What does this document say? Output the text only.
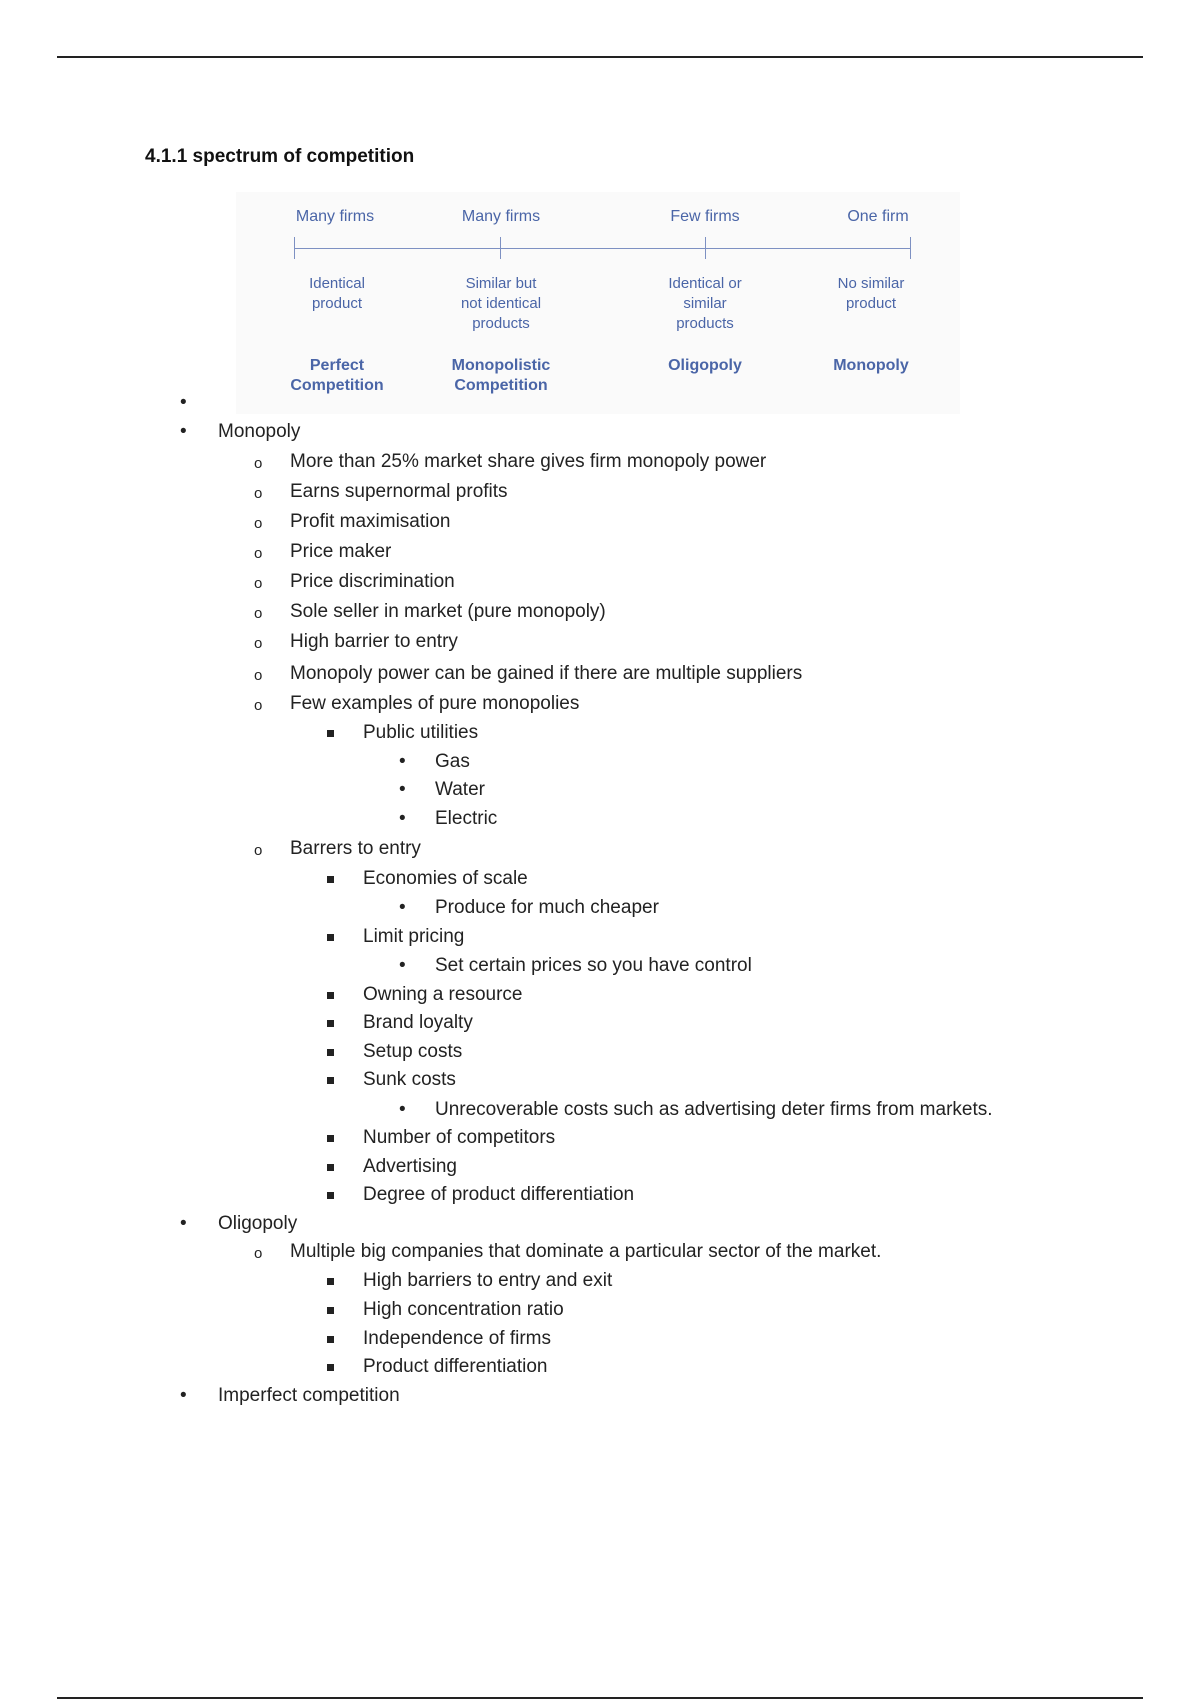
4.1.1 spectrum of competition
Many firms
Identical
product
Perfect
Competition
Many firms
Similar but
not identical
products
Monopolistic
Competition
Few firms
Identical or
similar
products
Oligopoly
One firm
No similar
product
Monopoly
•
• Monopoly
o More than 25% market share gives firm monopoly power
o Earns supernormal profits
o Profit maximisation
o Price maker
o Price discrimination
o Sole seller in market (pure monopoly)
o High barrier to entry
o Monopoly power can be gained if there are multiple suppliers
o Few examples of pure monopolies
Public utilities
• Gas
• Water
• Electric
o Barrers to entry
Economies of scale
• Produce for much cheaper
Limit pricing
• Set certain prices so you have control
Owning a resource
Brand loyalty
Setup costs
Sunk costs
• Unrecoverable costs such as advertising deter firms from markets.
Number of competitors
Advertising
Degree of product differentiation
• Oligopoly
o Multiple big companies that dominate a particular sector of the market.
High barriers to entry and exit
High concentration ratio
Independence of firms
Product differentiation
• Imperfect competition
